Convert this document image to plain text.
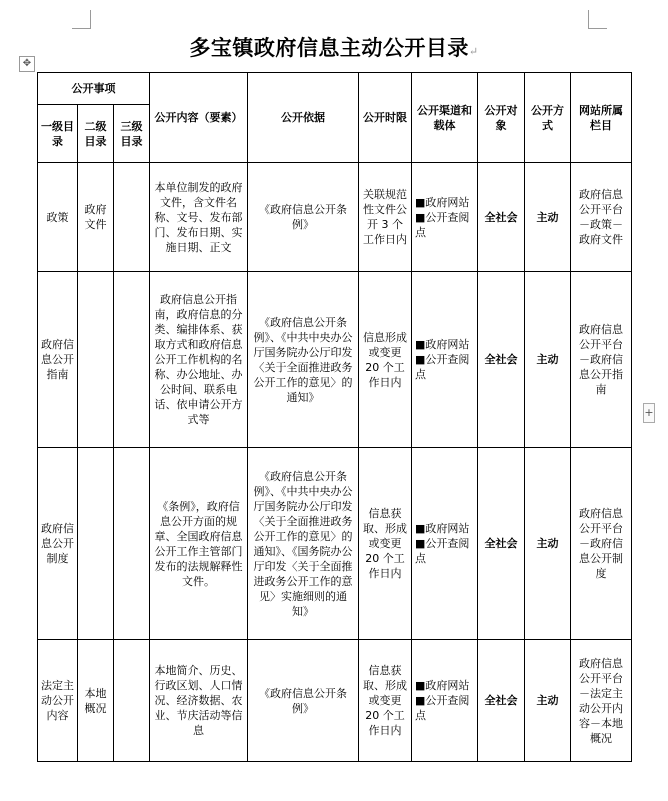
✥
+
多宝镇政府信息主动公开目录↵
公开事项			公开内容（要素）	公开依据	公开时限	公开渠道和载体	公开对象	公开方式	网站所属栏目
一级目录	二级目录	三级目录							
政策	政府文件		本单位制发的政府文件，含文件名称、文号、发布部门、发布日期、实施日期、正文	《政府信息公开条例》	关联规范性文件公开 3 个工作日内	■政府网站
■公开查阅点	全社会	主动	政府信息公开平台－政策－政府文件
政府信息公开指南			政府信息公开指南，政府信息的分类、编排体系、获取方式和政府信息公开工作机构的名称、办公地址、办公时间、联系电话、依申请公开方式等	《政府信息公开条例》、《中共中央办公厅国务院办公厅印发〈关于全面推进政务公开工作的意见〉的通知》	信息形成或变更 20 个工作日内	■政府网站
■公开查阅点	全社会	主动	政府信息公开平台－政府信息公开指南
政府信息公开制度			《条例》，政府信息公开方面的规章、全国政府信息公开工作主管部门发布的法规解释性文件。	《政府信息公开条例》、《中共中央办公厅国务院办公厅印发〈关于全面推进政务公开工作的意见〉的通知》、《国务院办公厅印发〈关于全面推进政务公开工作的意见〉实施细则的通知》	信息获取、形成或变更 20 个工作日内	■政府网站
■公开查阅点	全社会	主动	政府信息公开平台－政府信息公开制度
法定主动公开内容	本地概况		本地简介、历史、行政区划、人口情况、经济数据、农业、节庆活动等信息	《政府信息公开条例》	信息获取、形成或变更 20 个工作日内	■政府网站
■公开查阅点	全社会	主动	政府信息公开平台－法定主动公开内容－本地概况
